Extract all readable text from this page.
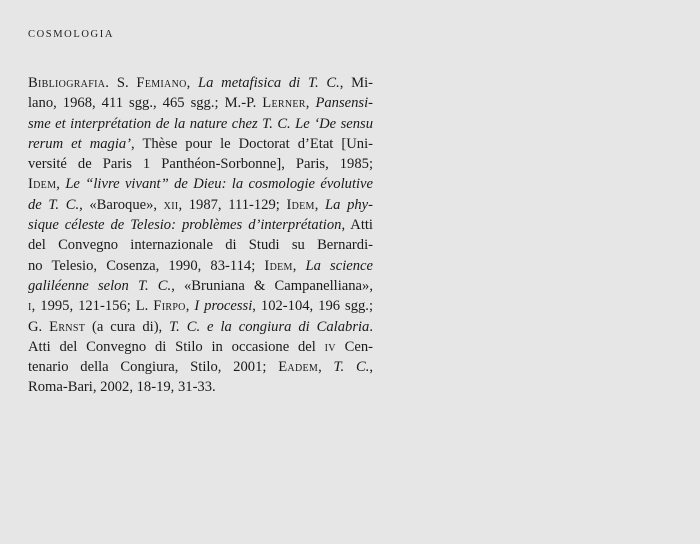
COSMOLOGIA
Bibliografia. S. Femiano, La metafisica di T. C., Mi-
lano, 1968, 411 sgg., 465 sgg.; M.-P. Lerner, Pansensi-
sme et interprétation de la nature chez T. C. Le ‘De sensu
rerum et magia’, Thèse pour le Doctorat d’Etat [Uni-
versité de Paris 1 Panthéon-Sorbonne], Paris, 1985;
Idem, Le “livre vivant” de Dieu: la cosmologie évolutive
de T. C., «Baroque», xii, 1987, 111-129; Idem, La phy-
sique céleste de Telesio: problèmes d’interprétation, Atti
del Convegno internazionale di Studi su Bernardi-
no Telesio, Cosenza, 1990, 83-114; Idem, La science
galiléenne selon T. C., «Bruniana & Campanelliana»,
i, 1995, 121-156; L. Firpo, I processi, 102-104, 196 sgg.;
G. Ernst (a cura di), T. C. e la congiura di Calabria.
Atti del Convegno di Stilo in occasione del iv Cen-
tenario della Congiura, Stilo, 2001; Eadem, T. C.,
Roma-Bari, 2002, 18-19, 31-33.
